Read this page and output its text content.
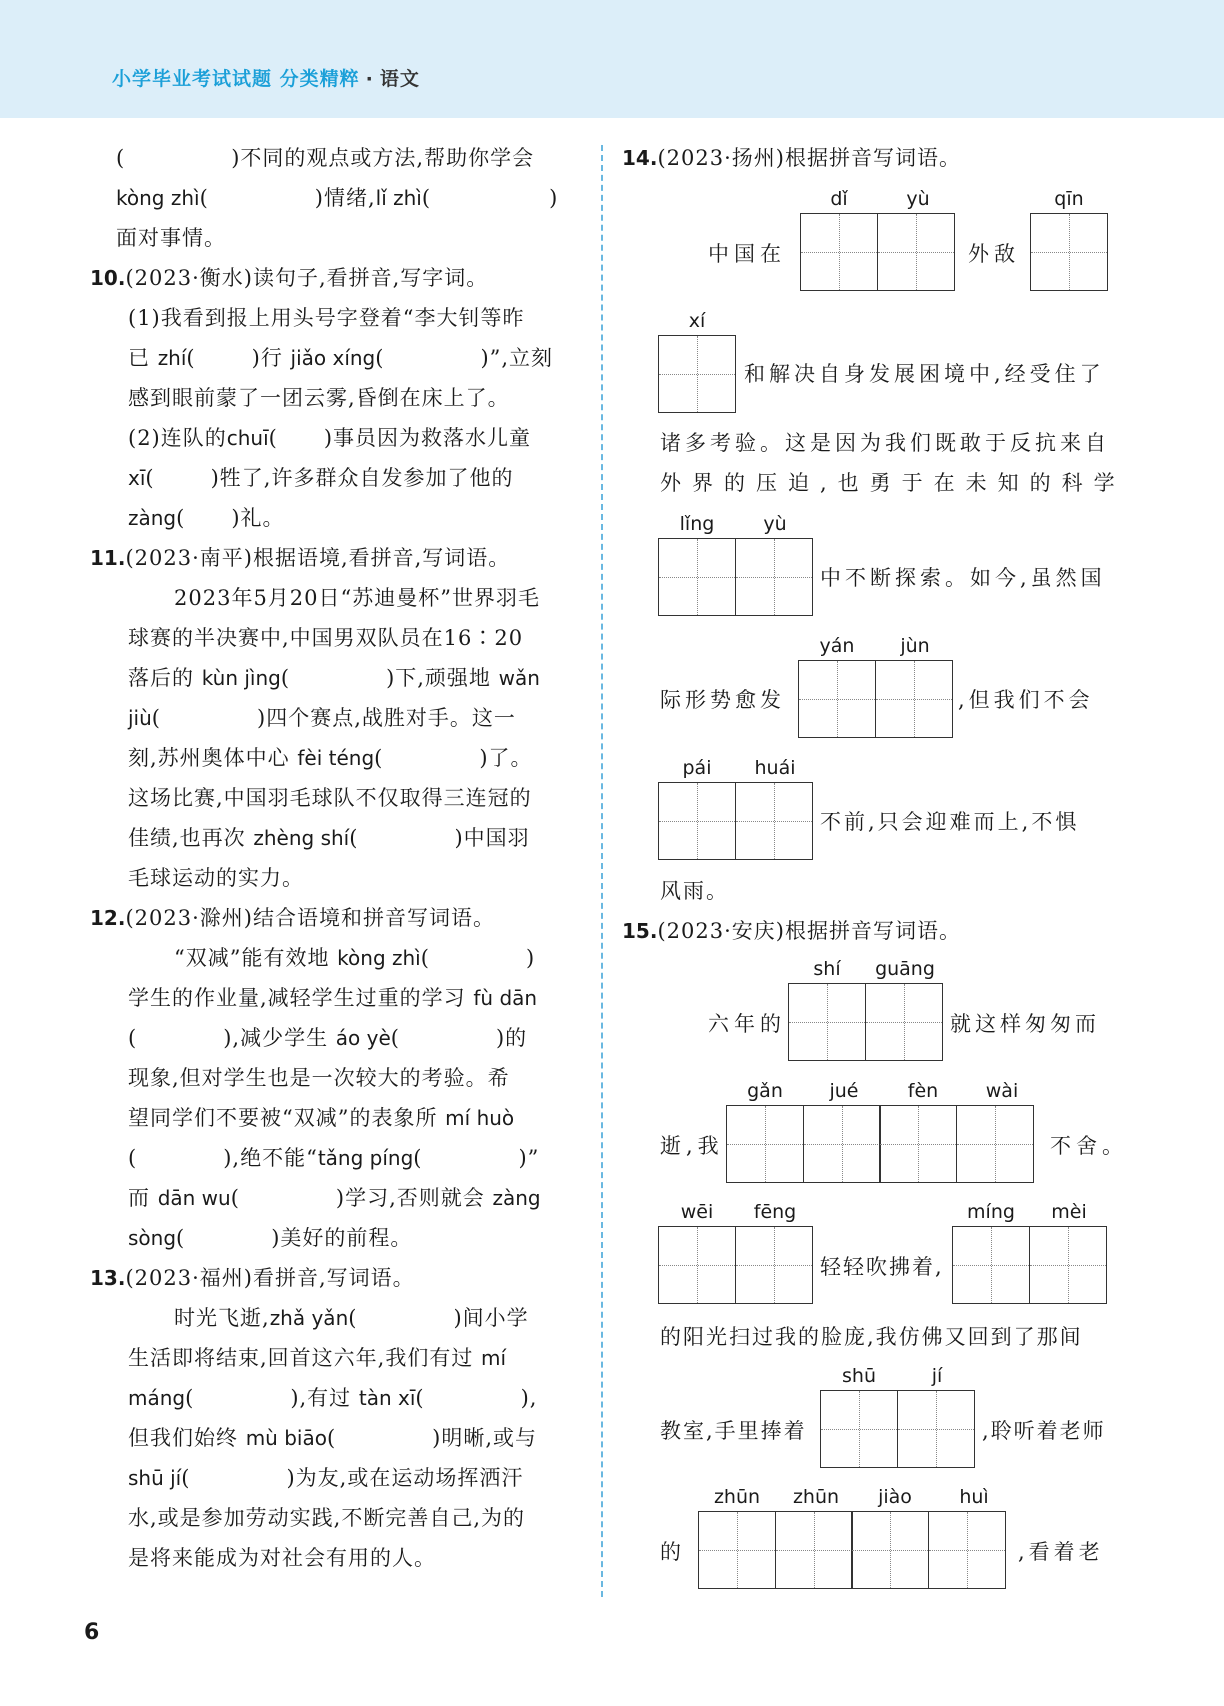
小学毕业考试试题 分类精粹 · 语文
(	)不同的观点或方法,帮助你学会
kòng zhì(	)情绪,lǐ zhì(	)
面对事情。
10.(2023·衡水)读句子,看拼音,写字词。
(1)我看到报上用头号字登着“李大钊等昨
已 zhí(	)行 jiǎo xíng(	)”,立刻
感到眼前蒙了一团云雾,昏倒在床上了。
(2)连队的chuī( )事员因为救落水儿童
xī(	)牲了,许多群众自发参加了他的
zàng( )礼。
11.(2023·南平)根据语境,看拼音,写词语。
2023年5月20日“苏迪曼杯”世界羽毛
球赛的半决赛中,中国男双队员在16∶20
落后的 kùn jìng(	)下,顽强地 wǎn
jiù(	)四个赛点,战胜对手。这一
刻,苏州奥体中心 fèi téng(	)了。
这场比赛,中国羽毛球队不仅取得三连冠的
佳绩,也再次 zhèng shí(	)中国羽
毛球运动的实力。
12.(2023·滁州)结合语境和拼音写词语。
“双减”能有效地 kòng zhì(	)
学生的作业量,减轻学生过重的学习 fù dān
(	),减少学生 áo yè(	)的
现象,但对学生也是一次较大的考验。希
望同学们不要被“双减”的表象所 mí huò
(	),绝不能“tǎng píng(	)”
而 dān wu(	)学习,否则就会 zàng
sòng(	)美好的前程。
13.(2023·福州)看拼音,写词语。
时光飞逝,zhǎ yǎn(	)间小学
生活即将结束,回首这六年,我们有过 mí
máng(	),有过 tàn xī(	),
但我们始终 mù biāo(	)明晰,或与
shū jí(	)为友,或在运动场挥洒汗
水,或是参加劳动实践,不断完善自己,为的
是将来能成为对社会有用的人。
6
14.(2023·扬州)根据拼音写词语。
中国在
dǐ	yù
外敌
qīn
xí
和解决自身发展困境中,经受住了
诸多考验。这是因为我们既敢于反抗来自
外界的压迫,也勇于在未知的科学
lǐng	yù
中不断探索。如今,虽然国
际形势愈发
yán	jùn
,但我们不会
pái	huái
不前,只会迎难而上,不惧
风雨。
15.(2023·安庆)根据拼音写词语。
六年的
shí	guāng
就这样匆匆而
逝,我
gǎn	jué	fèn	wài
不舍。
wēi	fēng
轻轻吹拂着,
míng	mèi
的阳光扫过我的脸庞,我仿佛又回到了那间
教室,手里捧着
shū	jí
,聆听着老师
的
zhūn	zhūn	jiào	huì
,看着老
